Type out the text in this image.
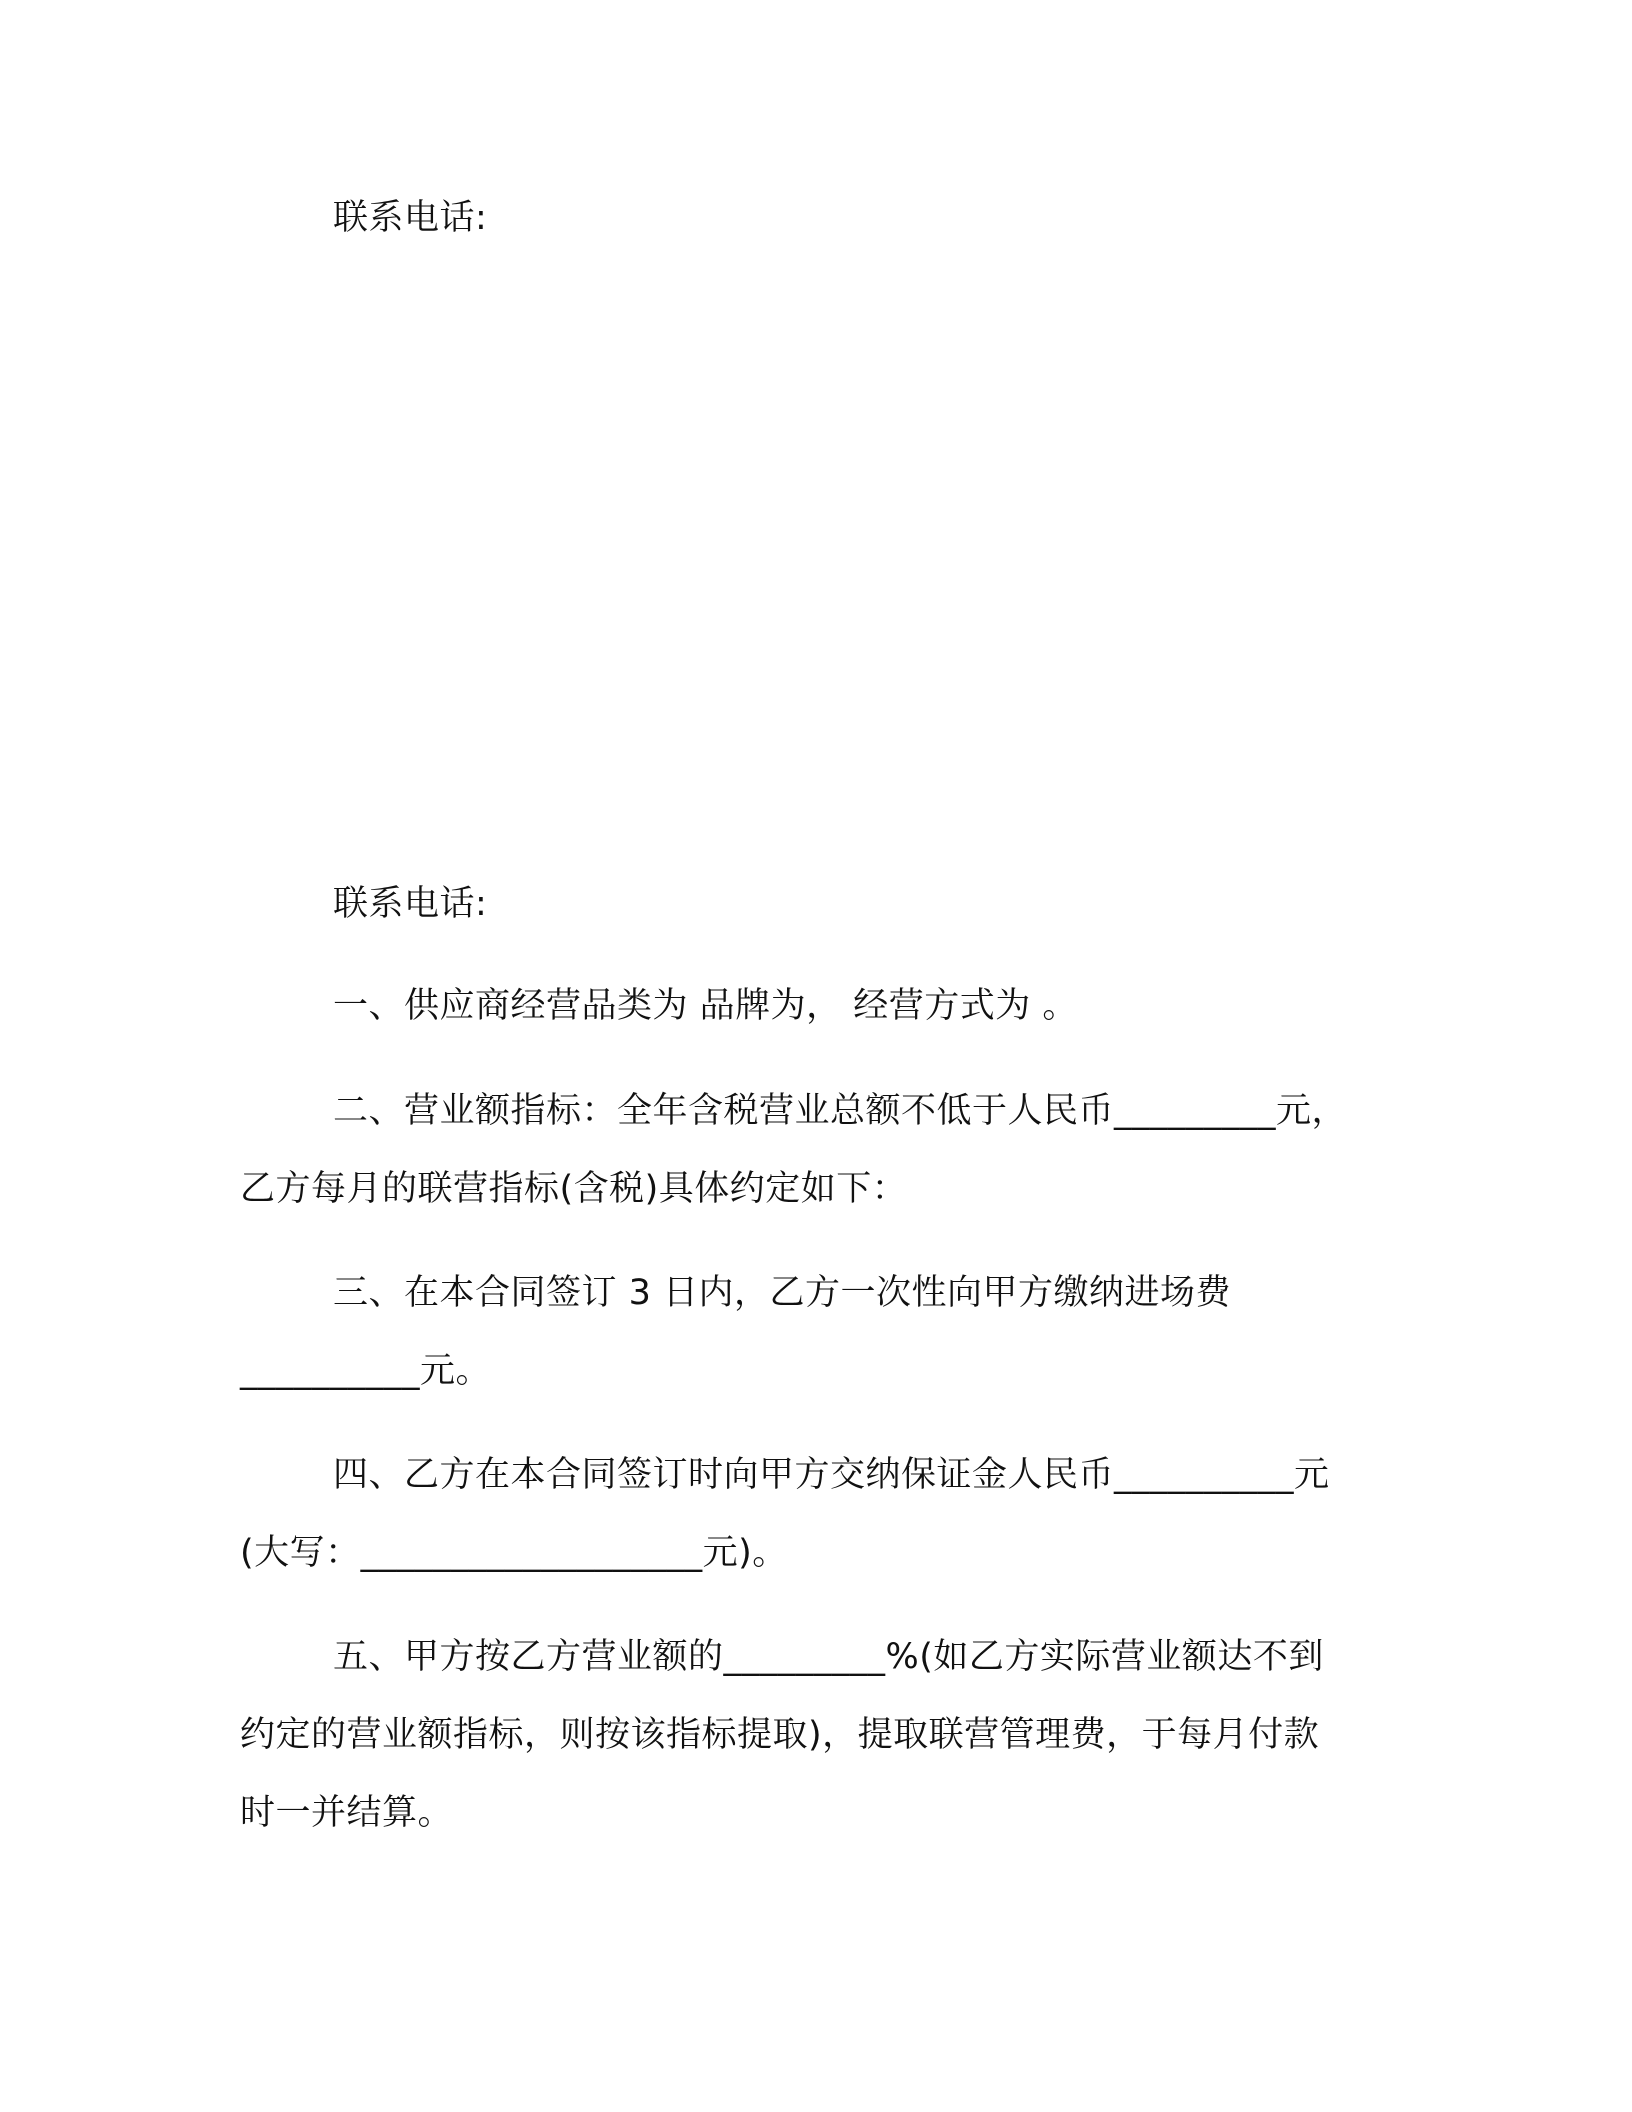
联系电话:
联系电话:
一、供应商经营品类为 品牌为， 经营方式为 。
二、营业额指标：全年含税营业总额不低于人民币_________元，
乙方每月的联营指标(含税)具体约定如下：
三、在本合同签订 3 日内，乙方一次性向甲方缴纳进场费
__________元。
四、乙方在本合同签订时向甲方交纳保证金人民币__________元
(大写：___________________元)。
五、甲方按乙方营业额的_________%(如乙方实际营业额达不到
约定的营业额指标，则按该指标提取)，提取联营管理费，于每月付款
时一并结算。
